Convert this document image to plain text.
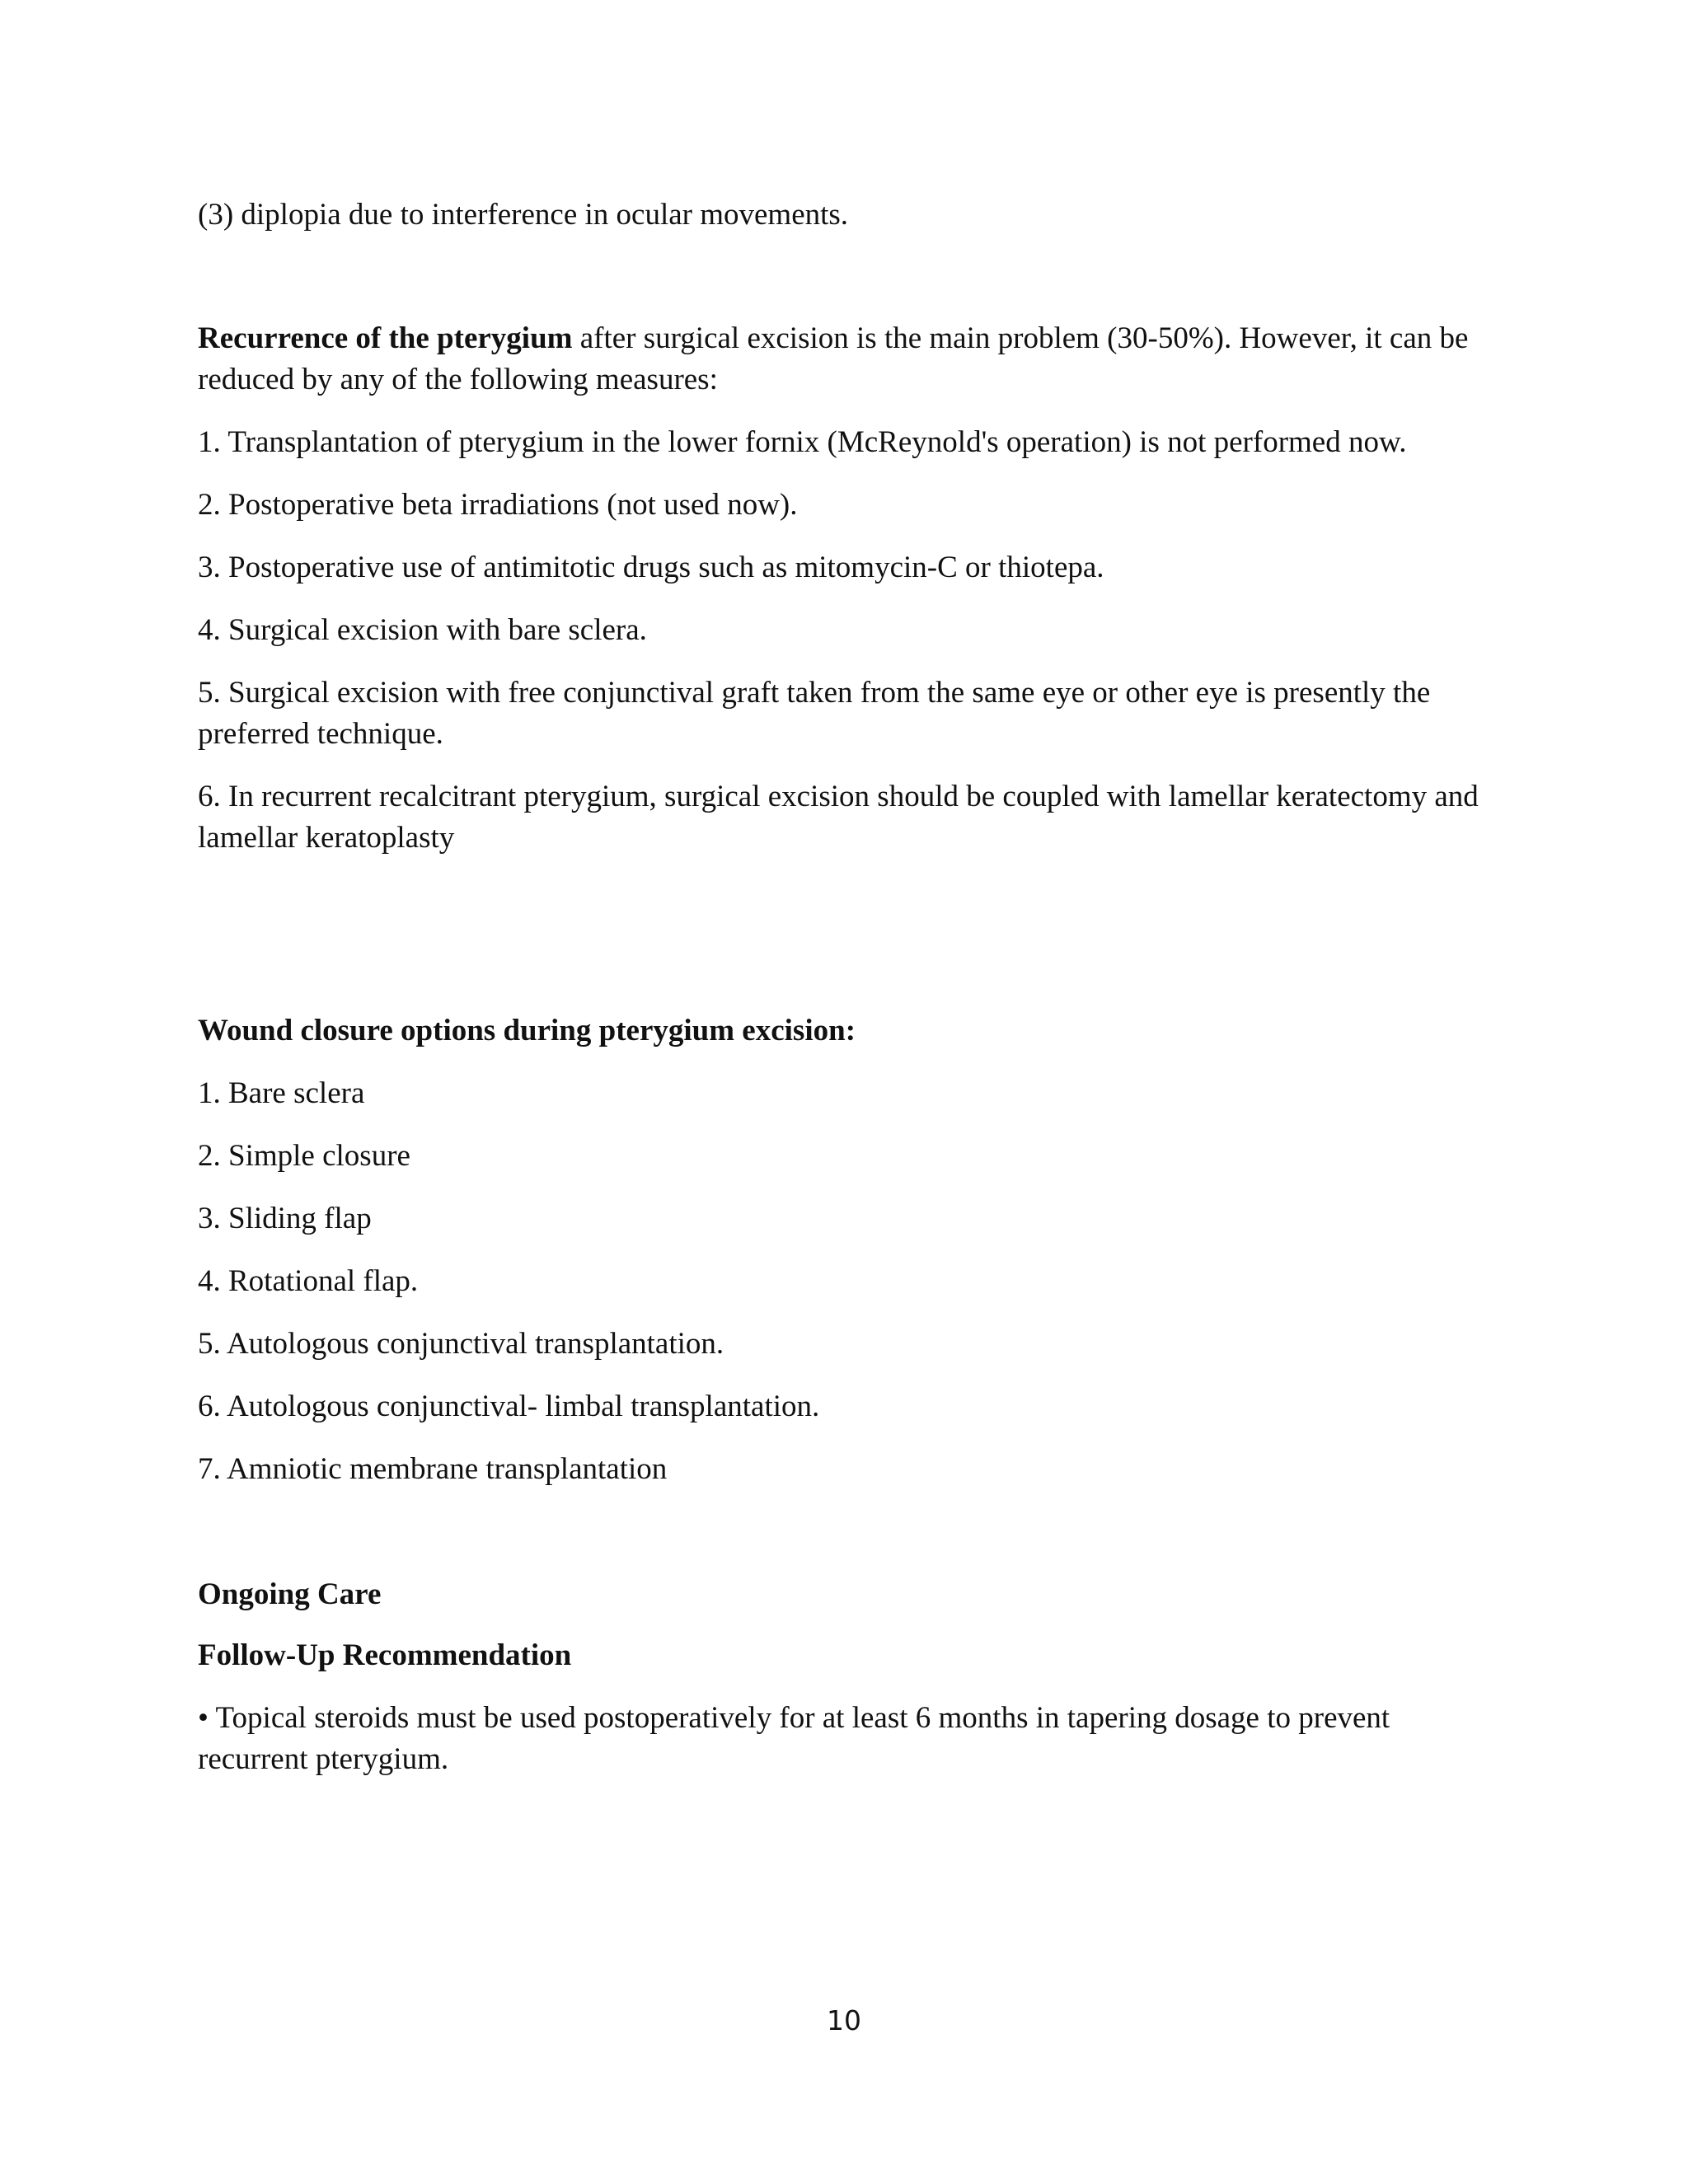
(3) diplopia due to interference in ocular movements.

Recurrence of the pterygium after surgical excision is the main problem (30-50%). However, it can be reduced by any of the following measures:

1. Transplantation of pterygium in the lower fornix (McReynold's operation) is not performed now.

2. Postoperative beta irradiations (not used now).

3. Postoperative use of antimitotic drugs such as mitomycin-C or thiotepa.

4. Surgical excision with bare sclera.

5. Surgical excision with free conjunctival graft taken from the same eye or other eye is presently the preferred technique.

6. In recurrent recalcitrant pterygium, surgical excision should be coupled with lamellar keratectomy and lamellar keratoplasty

Wound closure options during pterygium excision:

1. Bare sclera

2. Simple closure

3. Sliding flap

4. Rotational flap.

5. Autologous conjunctival transplantation.

6. Autologous conjunctival- limbal transplantation.

7. Amniotic membrane transplantation

Ongoing Care

Follow-Up Recommendation

• Topical steroids must be used postoperatively for at least 6 months in tapering dosage to prevent recurrent pterygium.

10
